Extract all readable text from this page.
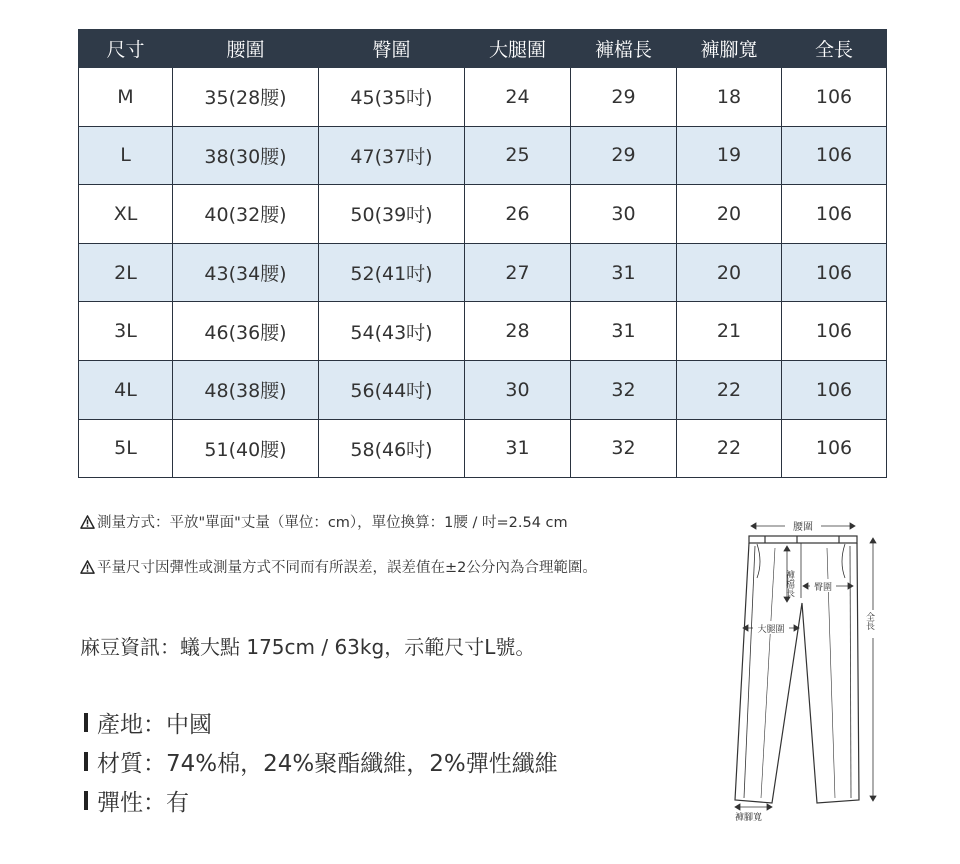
尺寸	腰圍	臀圍	大腿圍	褲檔長	褲腳寬	全長
M	35(28腰)	45(35吋)	24	29	18	106
L	38(30腰)	47(37吋)	25	29	19	106
XL	40(32腰)	50(39吋)	26	30	20	106
2L	43(34腰)	52(41吋)	27	31	20	106
3L	46(36腰)	54(43吋)	28	31	21	106
4L	48(38腰)	56(44吋)	30	32	22	106
5L	51(40腰)	58(46吋)	31	32	22	106
測量方式：平放"單面"丈量（單位：cm），單位換算：1腰 / 吋=2.54 cm
平量尺寸因彈性或測量方式不同而有所誤差，誤差值在±2公分內為合理範圍。
麻豆資訊：蟻大點 175cm / 63kg，示範尺寸L號。
產地：中國
材質：74%棉，24%聚酯纖維，2%彈性纖維
彈性：有
腰圍
褲檔長 臀圍
大腿圍	全長
褲腳寬
